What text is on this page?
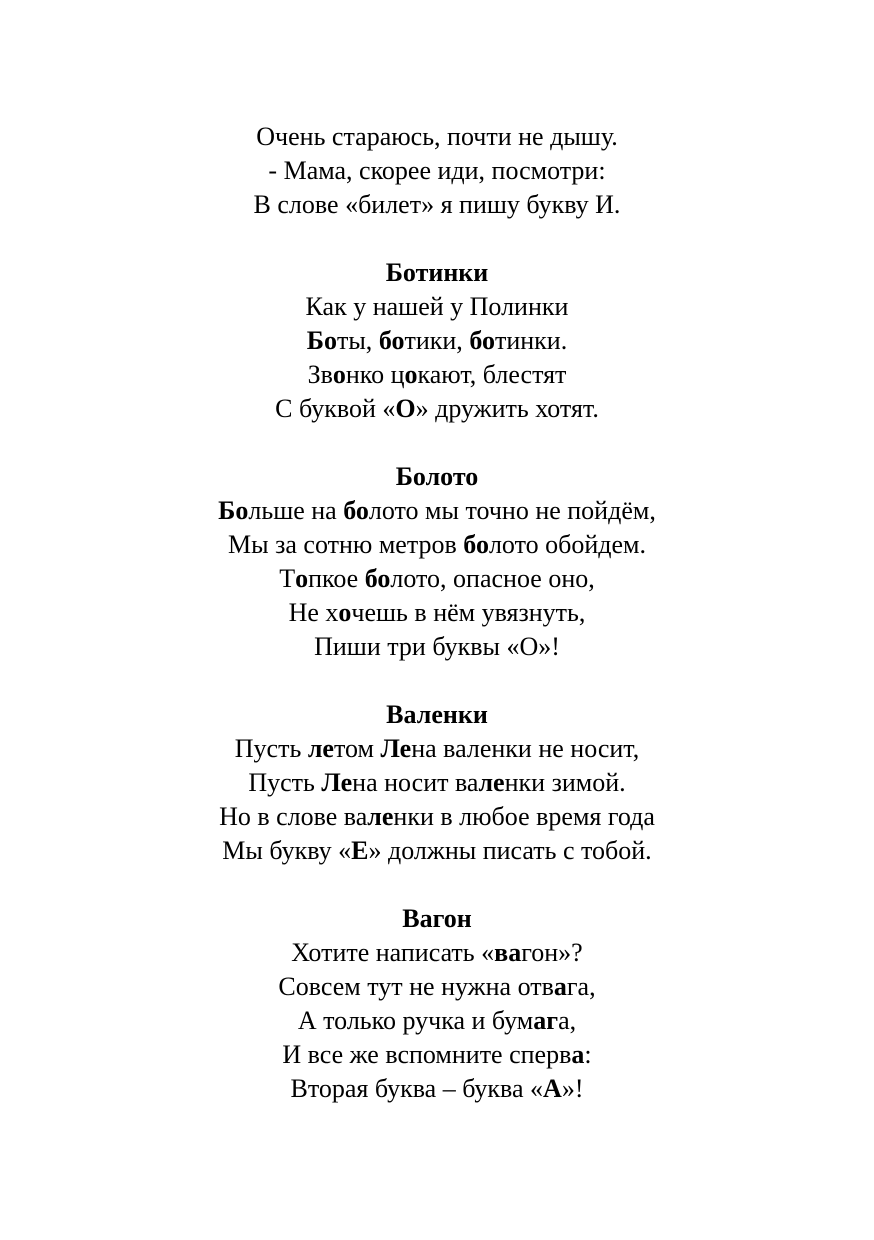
Очень стараюсь, почти не дышу.
- Мама, скорее иди, посмотри:
В слове «билет» я пишу букву И.
Ботинки
Как у нашей у Полинки
Боты, ботики, ботинки.
Звонко цокают, блестят
С буквой «О» дружить хотят.
Болото
Больше на болото мы точно не пойдём,
Мы за сотню метров болото обойдем.
Топкое болото, опасное оно,
Не хочешь в нём увязнуть,
Пиши три буквы «О»!
Валенки
Пусть летом Лена валенки не носит,
Пусть Лена носит валенки зимой.
Но в слове валенки в любое время года
Мы букву «Е» должны писать с тобой.
Вагон
Хотите написать «вагон»?
Совсем тут не нужна отвага,
А только ручка и бумага,
И все же вспомните сперва:
Вторая буква – буква «А»!
